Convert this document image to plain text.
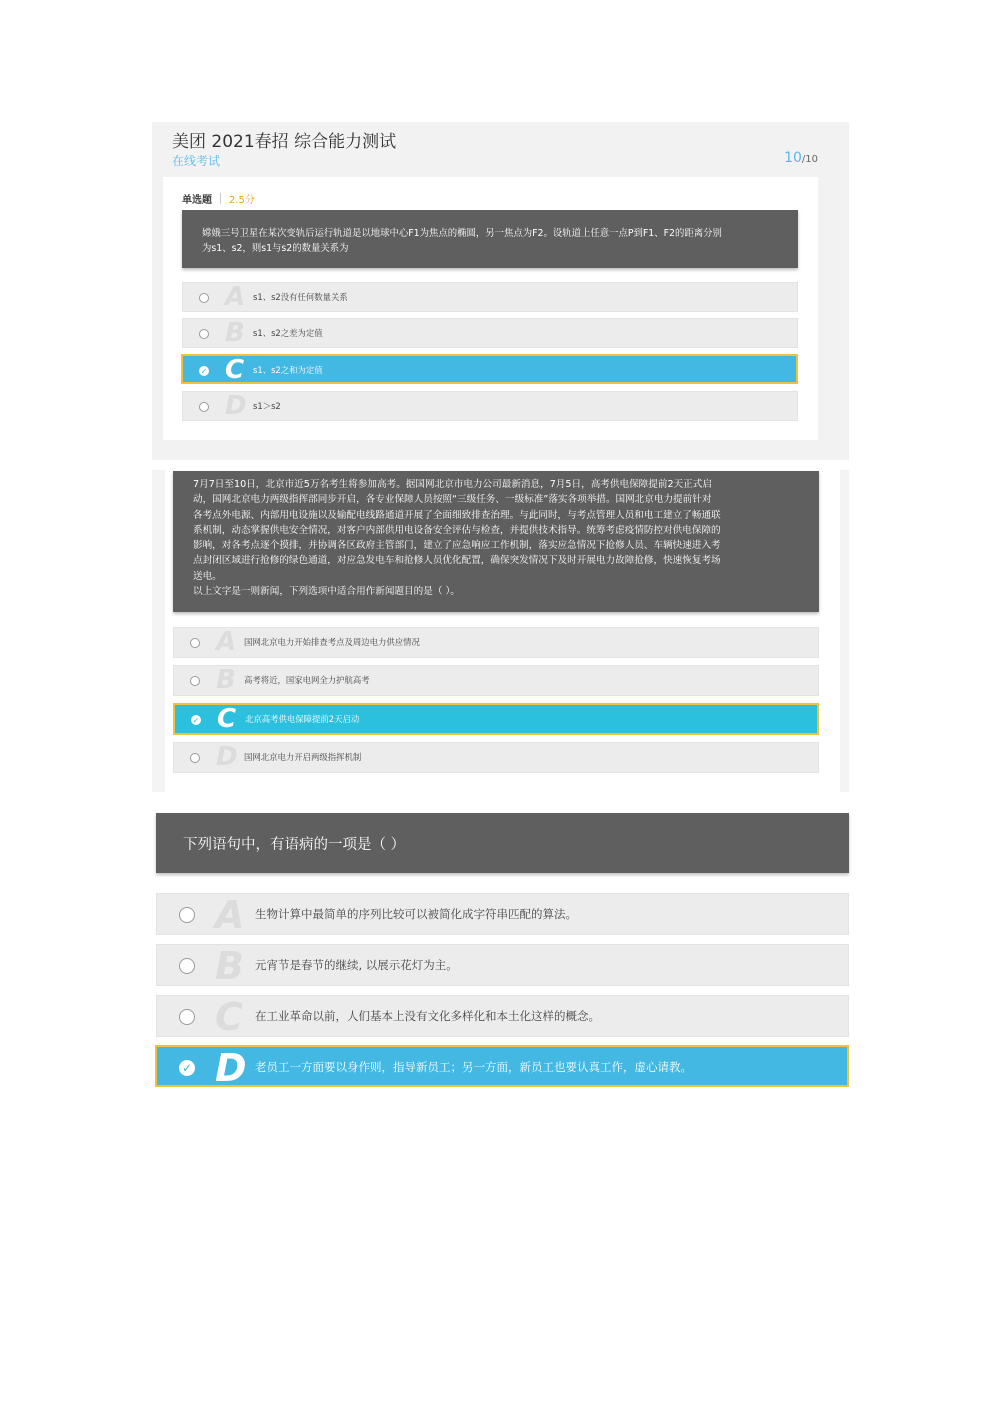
美团 2021春招 综合能力测试
在线考试	10/10
单选题 2.5分
嫦娥三号卫星在某次变轨后运行轨道是以地球中心F1为焦点的椭圆，另一焦点为F2。设轨道上任意一点P到F1、F2的距离分别
为s1、s2，则s1与s2的数量关系为
A s1、s2没有任何数量关系
B s1、s2之差为定值
✓ C s1、s2之和为定值
D s1＞s2
7月7日至10日，北京市近5万名考生将参加高考。据国网北京市电力公司最新消息，7月5日，高考供电保障提前2天正式启
动，国网北京电力两级指挥部同步开启，各专业保障人员按照“三级任务、一级标准”落实各项举措。国网北京电力提前针对
各考点外电源、内部用电设施以及输配电线路通道开展了全面细致排查治理。与此同时，与考点管理人员和电工建立了畅通联
系机制，动态掌握供电安全情况，对客户内部供用电设备安全评估与检查，并提供技术指导。统筹考虑疫情防控对供电保障的
影响，对各考点逐个摸排，并协调各区政府主管部门，建立了应急响应工作机制，落实应急情况下抢修人员、车辆快速进入考
点封闭区域进行抢修的绿色通道，对应急发电车和抢修人员优化配置，确保突发情况下及时开展电力故障抢修，快速恢复考场
送电。
以上文字是一则新闻，下列选项中适合用作新闻题目的是（ ）。
A 国网北京电力开始排查考点及周边电力供应情况
B 高考将近，国家电网全力护航高考
✓ C 北京高考供电保障提前2天启动
D 国网北京电力开启两级指挥机制
下列语句中，有语病的一项是（ ）
A 生物计算中最简单的序列比较可以被简化成字符串匹配的算法。
B 元宵节是春节的继续, 以展示花灯为主。
C 在工业革命以前，人们基本上没有文化多样化和本土化这样的概念。
✓ D 老员工一方面要以身作则，指导新员工；另一方面，新员工也要认真工作，虚心请教。
